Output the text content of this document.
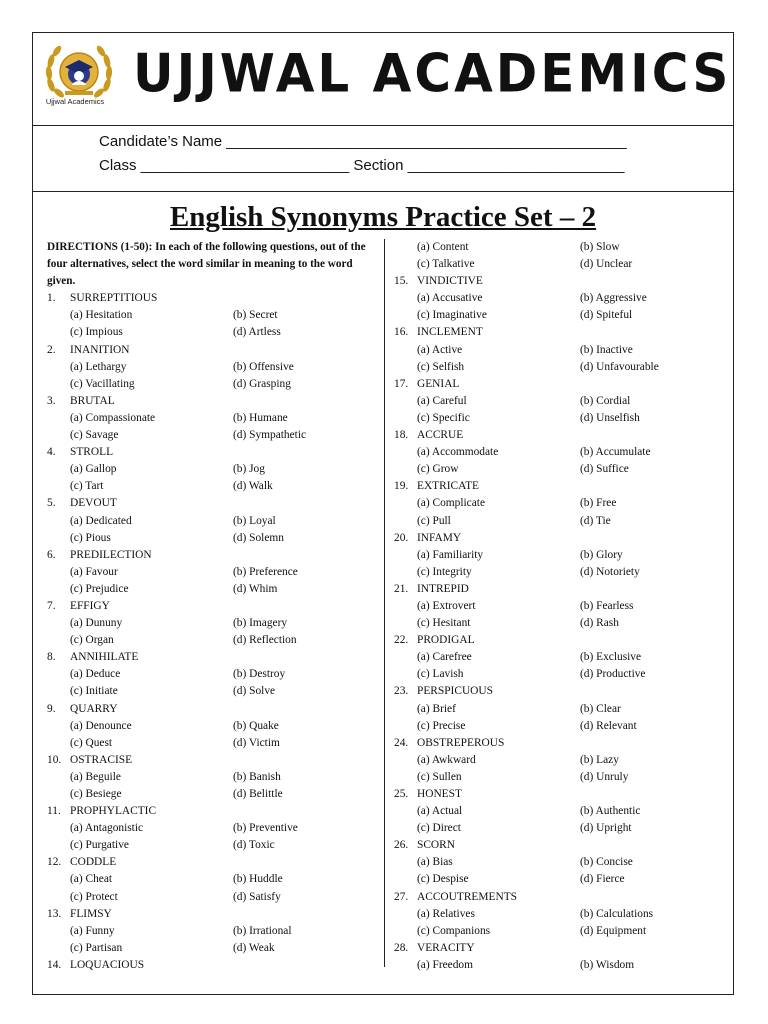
Ujjwal Academics UJJWAL ACADEMICS
Candidate’s Name ________________________________________________
Class _________________________ Section __________________________
English Synonyms Practice Set – 2
DIRECTIONS (1-50): In each of the following questions, out of the four alternatives, select the word similar in meaning to the word given.
1. SURREPTITIOUS
(a) Hesitation	(b) Secret
(c) Impious	(d) Artless
2. INANITION
(a) Lethargy	(b) Offensive
(c) Vacillating	(d) Grasping
3. BRUTAL
(a) Compassionate	(b) Humane
(c) Savage	(d) Sympathetic
4. STROLL
(a) Gallop	(b) Jog
(c) Tart	(d) Walk
5. DEVOUT
(a) Dedicated	(b) Loyal
(c) Pious	(d) Solemn
6. PREDILECTION
(a) Favour	(b) Preference
(c) Prejudice	(d) Whim
7. EFFIGY
(a) Dununy	(b) Imagery
(c) Organ	(d) Reflection
8. ANNIHILATE
(a) Deduce	(b) Destroy
(c) Initiate	(d) Solve
9. QUARRY
(a) Denounce	(b) Quake
(c) Quest	(d) Victim
10. OSTRACISE
(a) Beguile	(b) Banish
(c) Besiege	(d) Belittle
11. PROPHYLACTIC
(a) Antagonistic	(b) Preventive
(c) Purgative	(d) Toxic
12. CODDLE
(a) Cheat	(b) Huddle
(c) Protect	(d) Satisfy
13. FLIMSY
(a) Funny	(b) Irrational
(c) Partisan	(d) Weak
14. LOQUACIOUS
(a) Content	(b) Slow
(c) Talkative	(d) Unclear
15. VINDICTIVE
(a) Accusative	(b) Aggressive
(c) Imaginative	(d) Spiteful
16. INCLEMENT
(a) Active	(b) Inactive
(c) Selfish	(d) Unfavourable
17. GENIAL
(a) Careful	(b) Cordial
(c) Specific	(d) Unselfish
18. ACCRUE
(a) Accommodate	(b) Accumulate
(c) Grow	(d) Suffice
19. EXTRICATE
(a) Complicate	(b) Free
(c) Pull	(d) Tie
20. INFAMY
(a) Familiarity	(b) Glory
(c) Integrity	(d) Notoriety
21. INTREPID
(a) Extrovert	(b) Fearless
(c) Hesitant	(d) Rash
22. PRODIGAL
(a) Carefree	(b) Exclusive
(c) Lavish	(d) Productive
23. PERSPICUOUS
(a) Brief	(b) Clear
(c) Precise	(d) Relevant
24. OBSTREPEROUS
(a) Awkward	(b) Lazy
(c) Sullen	(d) Unruly
25. HONEST
(a) Actual	(b) Authentic
(c) Direct	(d) Upright
26. SCORN
(a) Bias	(b) Concise
(c) Despise	(d) Fierce
27. ACCOUTREMENTS
(a) Relatives	(b) Calculations
(c) Companions	(d) Equipment
28. VERACITY
(a) Freedom	(b) Wisdom
